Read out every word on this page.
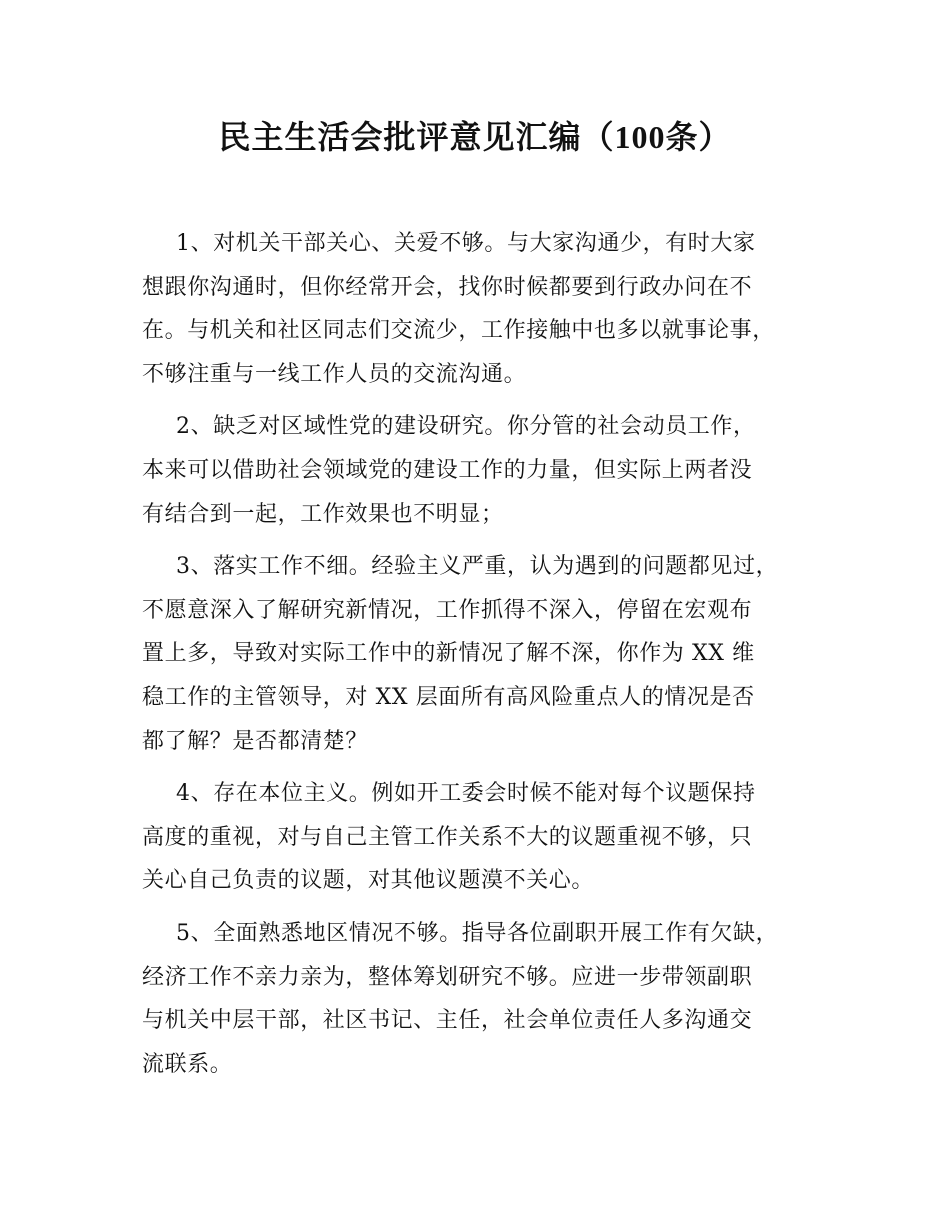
民主生活会批评意见汇编（100条）
1、对机关干部关心、关爱不够。与大家沟通少，有时大家
想跟你沟通时，但你经常开会，找你时候都要到行政办问在不
在。与机关和社区同志们交流少，工作接触中也多以就事论事，
不够注重与一线工作人员的交流沟通。
2、缺乏对区域性党的建设研究。你分管的社会动员工作，
本来可以借助社会领域党的建设工作的力量，但实际上两者没
有结合到一起，工作效果也不明显；
3、落实工作不细。经验主义严重，认为遇到的问题都见过，
不愿意深入了解研究新情况，工作抓得不深入，停留在宏观布
置上多，导致对实际工作中的新情况了解不深，你作为 XX 维
稳工作的主管领导，对 XX 层面所有高风险重点人的情况是否
都了解？是否都清楚？
4、存在本位主义。例如开工委会时候不能对每个议题保持
高度的重视，对与自己主管工作关系不大的议题重视不够，只
关心自己负责的议题，对其他议题漠不关心。
5、全面熟悉地区情况不够。指导各位副职开展工作有欠缺，
经济工作不亲力亲为，整体筹划研究不够。应进一步带领副职
与机关中层干部，社区书记、主任，社会单位责任人多沟通交
流联系。
